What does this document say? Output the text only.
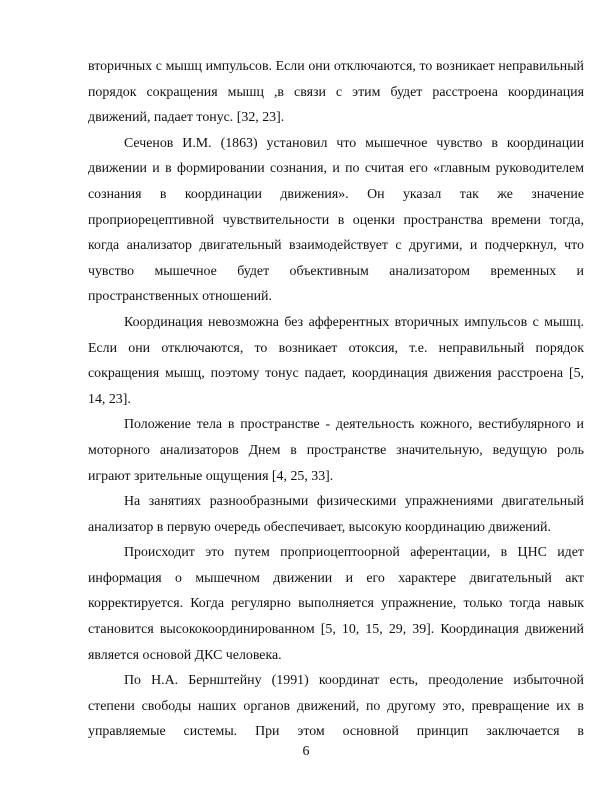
вторичных с мышц импульсов. Если они отключаются, то возникает неправильный порядок сокращения мышц ,в связи с этим будет расстроена координация движений, падает тонус. [32, 23].

Сеченов И.М. (1863) установил что мышечное чувство в координации движении и в формировании сознания, и по считая его «главным руководителем сознания в координации движения». Он указал так же значение проприорецептивной чувствительности в оценки пространства времени тогда, когда анализатор двигательный взаимодействует с другими, и подчеркнул, что чувство мышечное будет объективным анализатором временных и пространственных отношений.

Координация невозможна без афферентных вторичных импульсов с мышц. Если они отключаются, то возникает отоксия, т.е. неправильный порядок сокращения мышц, поэтому тонус падает, координация движения расстроена [5, 14, 23].

Положение тела в пространстве - деятельность кожного, вестибулярного и моторного анализаторов Днем в пространстве значительную, ведущую роль играют зрительные ощущения [4, 25, 33].

На занятиях разнообразными физическими упражнениями двигательный анализатор в первую очередь обеспечивает, высокую координацию движений.

Происходит это путем проприоцептоорной аферентации, в ЦНС идет информация о мышечном движении и его характере двигательный акт корректируется. Когда регулярно выполняется упражнение, только тогда навык становится высококоординированном [5, 10, 15, 29, 39]. Координация движений является основой ДКС человека.

По Н.А. Бернштейну (1991) координат есть, преодоление избыточной степени свободы наших органов движений, по другому это, превращение их в управляемые системы. При этом основной принцип заключается в

6
